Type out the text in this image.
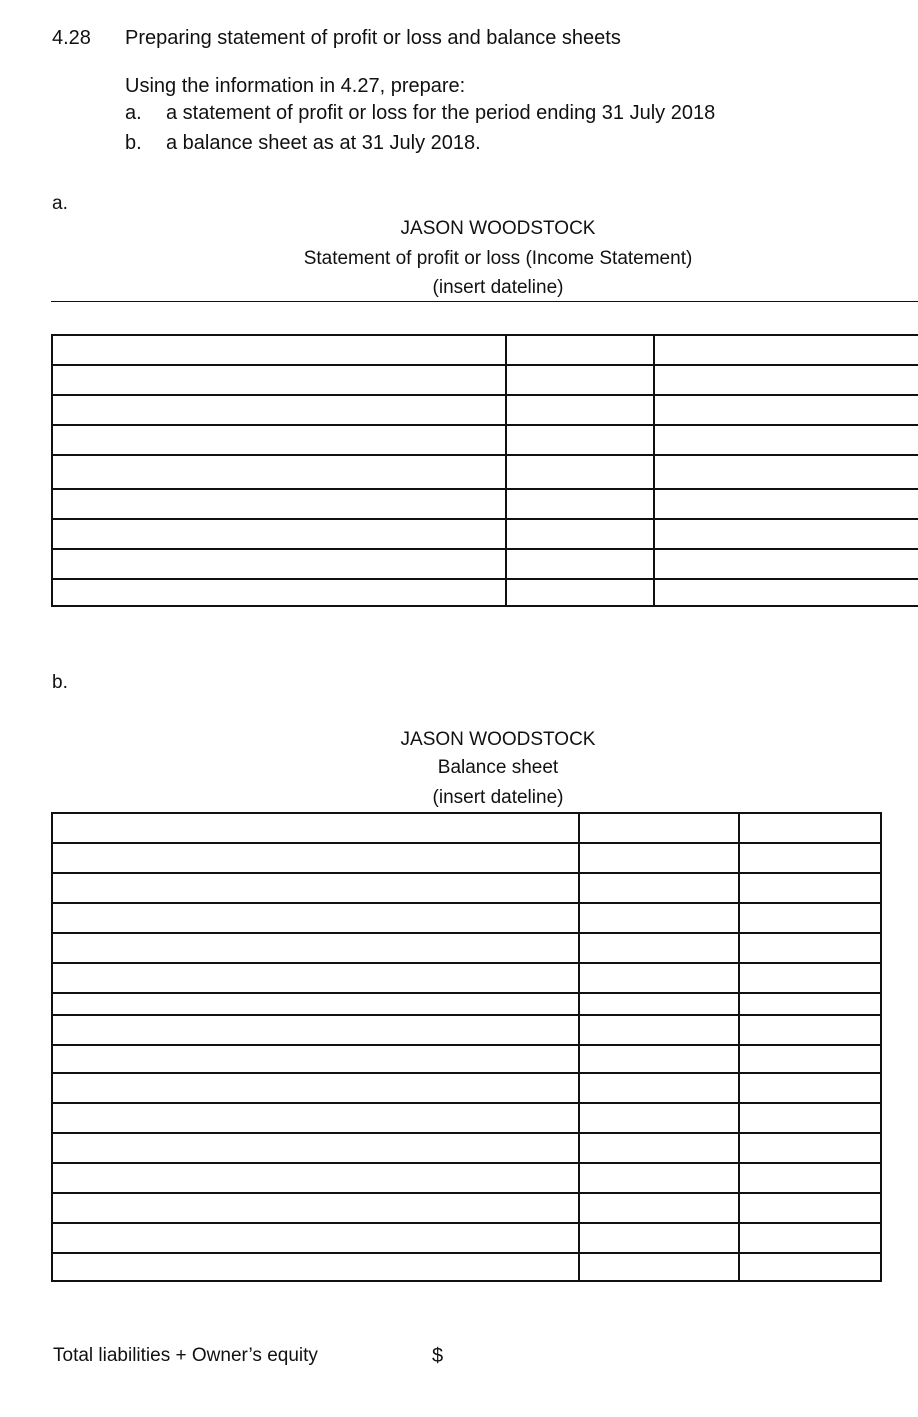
4.28 Preparing statement of profit or loss and balance sheets
Using the information in 4.27, prepare:
a. a statement of profit or loss for the period ending 31 July 2018
b. a balance sheet as at 31 July 2018.
a.
JASON WOODSTOCK
Statement of profit or loss (Income Statement)
(insert dateline)

b.
JASON WOODSTOCK
Balance sheet
(insert dateline)

Total liabilities + Owner’s equity	$
